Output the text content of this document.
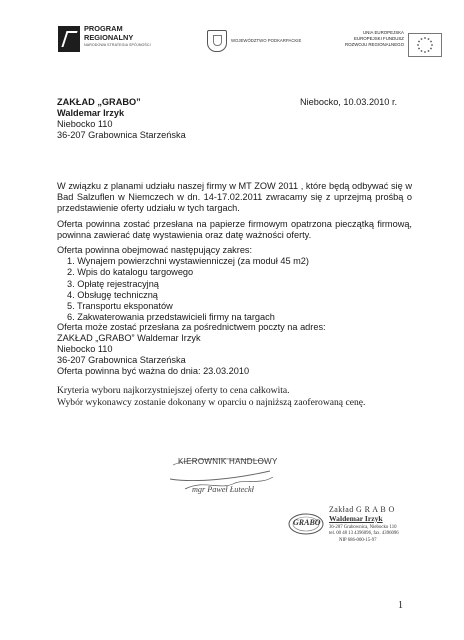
PROGRAM
REGIONALNY
NARODOWA STRATEGIA SPÓJNOŚCI
WOJEWÓDZTWO PODKARPACKIE
UNIA EUROPEJSKA
EUROPEJSKI FUNDUSZ
ROZWOJU REGIONALNEGO
ZAKŁAD „GRABO”
Waldemar Irzyk
Niebocko 110
36-207 Grabownica Starzeńska
Niebocko, 10.03.2010 r.
W związku z planami udziału naszej firmy w MT ZOW 2011 , które będą odbywać się w Bad Salzuflen w Niemczech w dn. 14-17.02.2011 zwracamy się z uprzejmą prośbą o przedstawienie oferty udziału w tych targach.
Oferta powinna zostać przesłana na papierze firmowym opatrzona pieczątką firmową, powinna zawierać datę wystawienia oraz datę ważności oferty.
Oferta powinna obejmować następujący zakres:
1. Wynajem powierzchni wystawienniczej (za moduł 45 m2)
2. Wpis do katalogu targowego
3. Opłatę rejestracyjną
4. Obsługę techniczną
5. Transportu eksponatów
6. Zakwaterowania przedstawicieli firmy na targach
Oferta może zostać przesłana za pośrednictwem poczty na adres:
ZAKŁAD „GRABO” Waldemar Irzyk
Niebocko 110
36-207 Grabownica Starzeńska
Oferta powinna być ważna do dnia: 23.03.2010
Kryteria wyboru najkorzystniejszej oferty to cena całkowita.
Wybór wykonawcy zostanie dokonany w oparciu o najniższą zaoferowaną cenę.
KIEROWNIK HANDLOWY
mgr Paweł Łuteckł
GRABO
Zakład G R A B O
Waldemar Irzyk
36-207 Grabownica, Niebocko 110
tel. 00 48 13 4396096, fax. 4396096
NIP 686-000-15-97
1
